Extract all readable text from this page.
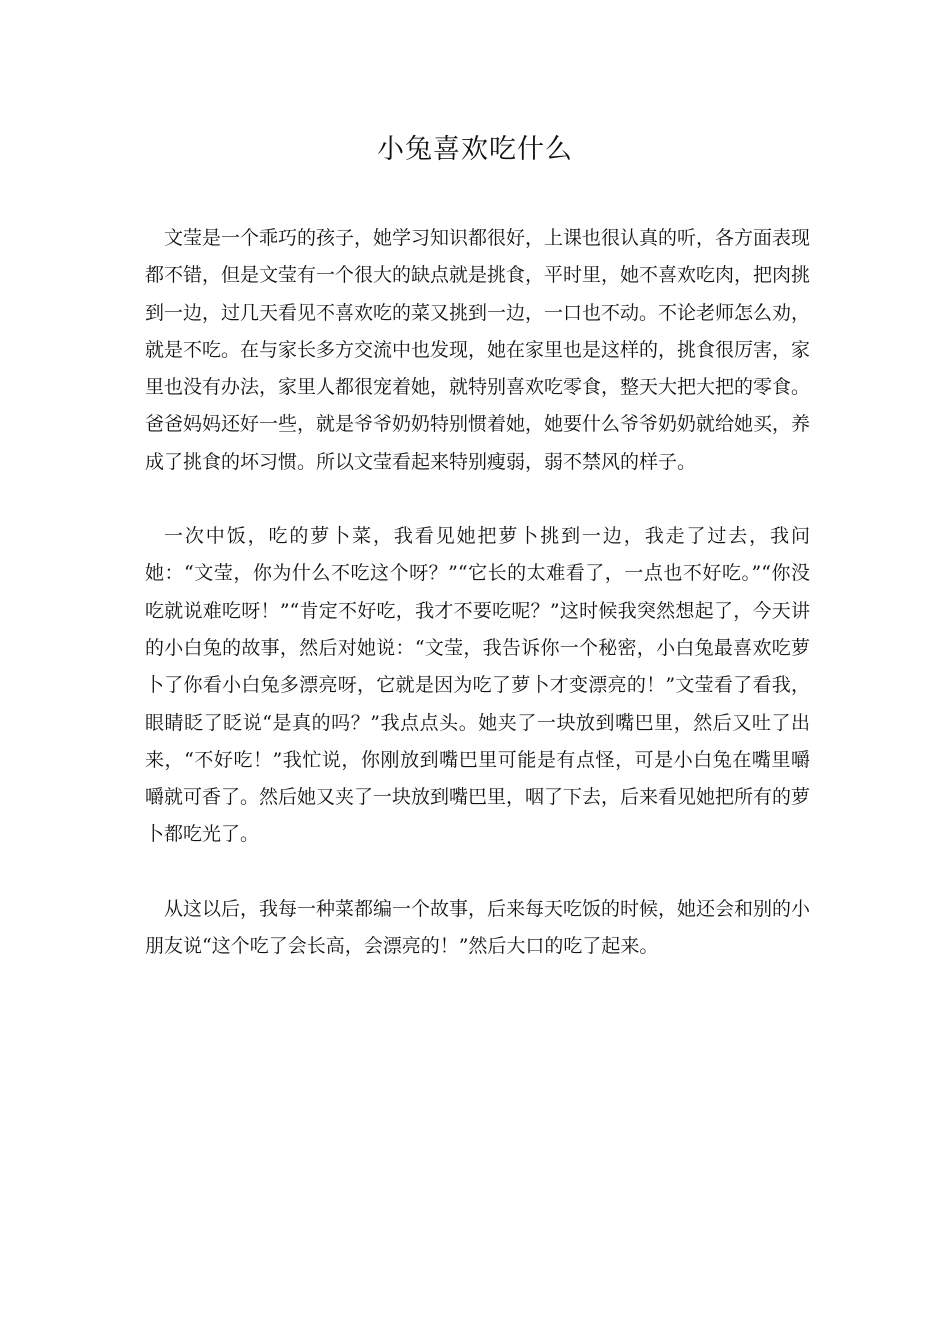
小兔喜欢吃什么

文莹是一个乖巧的孩子，她学习知识都很好，上课也很认真的听，各方面表现都不错，但是文莹有一个很大的缺点就是挑食，平时里，她不喜欢吃肉，把肉挑到一边，过几天看见不喜欢吃的菜又挑到一边，一口也不动。不论老师怎么劝，就是不吃。在与家长多方交流中也发现，她在家里也是这样的，挑食很厉害，家里也没有办法，家里人都很宠着她，就特别喜欢吃零食，整天大把大把的零食。爸爸妈妈还好一些，就是爷爷奶奶特别惯着她，她要什么爷爷奶奶就给她买，养成了挑食的坏习惯。所以文莹看起来特别瘦弱，弱不禁风的样子。

一次中饭，吃的萝卜菜，我看见她把萝卜挑到一边，我走了过去，我问她：“文莹，你为什么不吃这个呀？”“它长的太难看了，一点也不好吃。”“你没吃就说难吃呀！”“肯定不好吃，我才不要吃呢？”这时候我突然想起了，今天讲的小白兔的故事，然后对她说：“文莹，我告诉你一个秘密，小白兔最喜欢吃萝卜了你看小白兔多漂亮呀，它就是因为吃了萝卜才变漂亮的！”文莹看了看我，眼睛眨了眨说“是真的吗？”我点点头。她夹了一块放到嘴巴里，然后又吐了出来，“不好吃！”我忙说，你刚放到嘴巴里可能是有点怪，可是小白兔在嘴里嚼嚼就可香了。然后她又夹了一块放到嘴巴里，咽了下去，后来看见她把所有的萝卜都吃光了。

从这以后，我每一种菜都编一个故事，后来每天吃饭的时候，她还会和别的小朋友说“这个吃了会长高，会漂亮的！”然后大口的吃了起来。
